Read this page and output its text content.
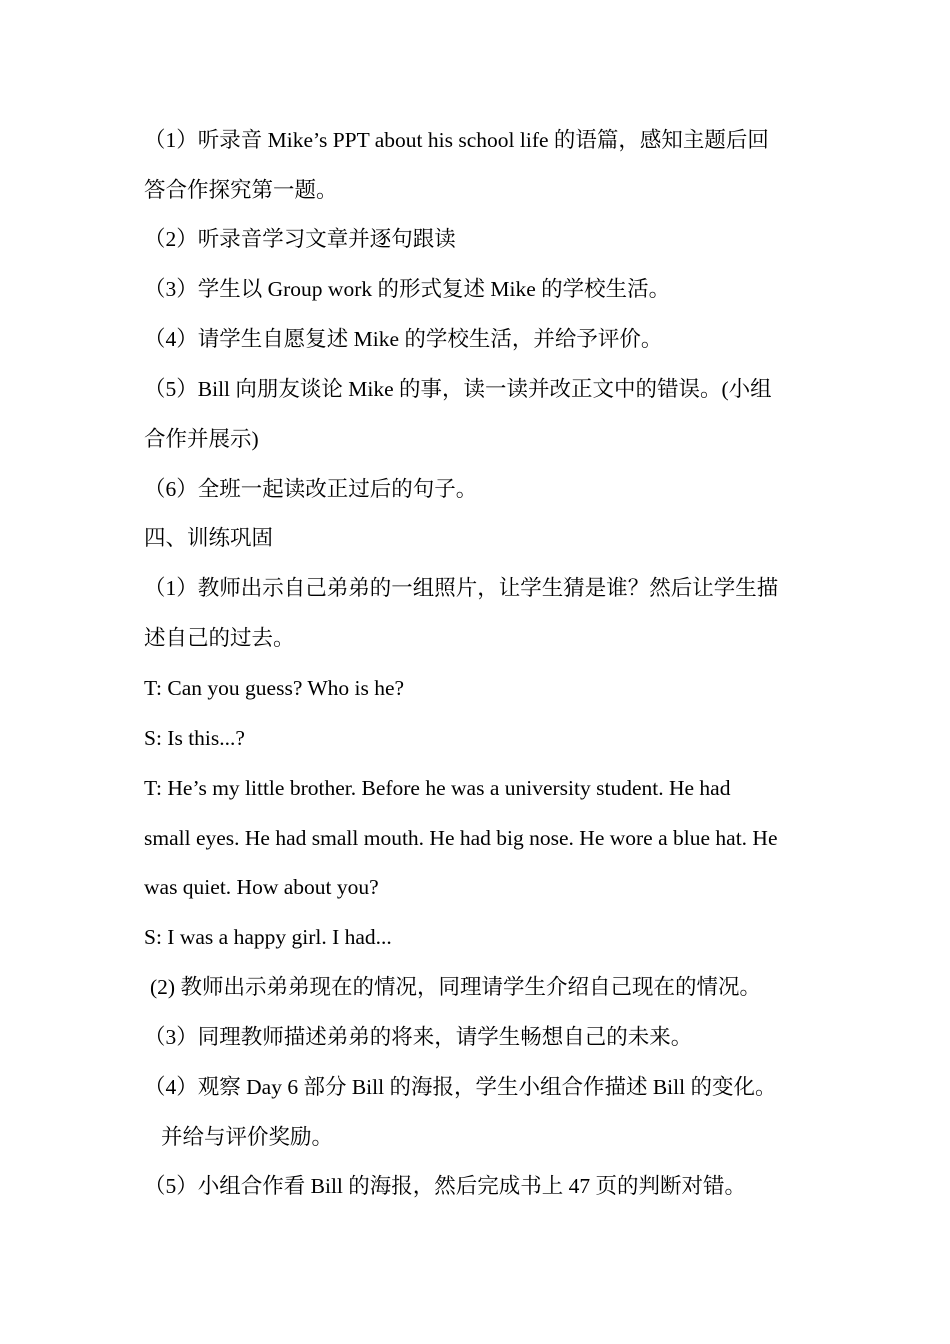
（1）听录音 Mike’s PPT about his school life 的语篇，感知主题后回
答合作探究第一题。
（2）听录音学习文章并逐句跟读
（3）学生以 Group work 的形式复述 Mike 的学校生活。
（4）请学生自愿复述 Mike 的学校生活，并给予评价。
（5）Bill 向朋友谈论 Mike 的事，读一读并改正文中的错误。(小组
合作并展示)
（6）全班一起读改正过后的句子。
四、训练巩固
（1）教师出示自己弟弟的一组照片，让学生猜是谁？然后让学生描
述自己的过去。
T: Can you guess? Who is he?
S: Is this...?
T: He’s my little brother. Before he was a university student. He had
small eyes. He had small mouth. He had big nose. He wore a blue hat. He
was quiet. How about you?
S: I was a happy girl. I had...
(2) 教师出示弟弟现在的情况，同理请学生介绍自己现在的情况。
（3）同理教师描述弟弟的将来，请学生畅想自己的未来。
（4）观察 Day 6 部分 Bill 的海报，学生小组合作描述 Bill 的变化。
并给与评价奖励。
（5）小组合作看 Bill 的海报，然后完成书上 47 页的判断对错。
